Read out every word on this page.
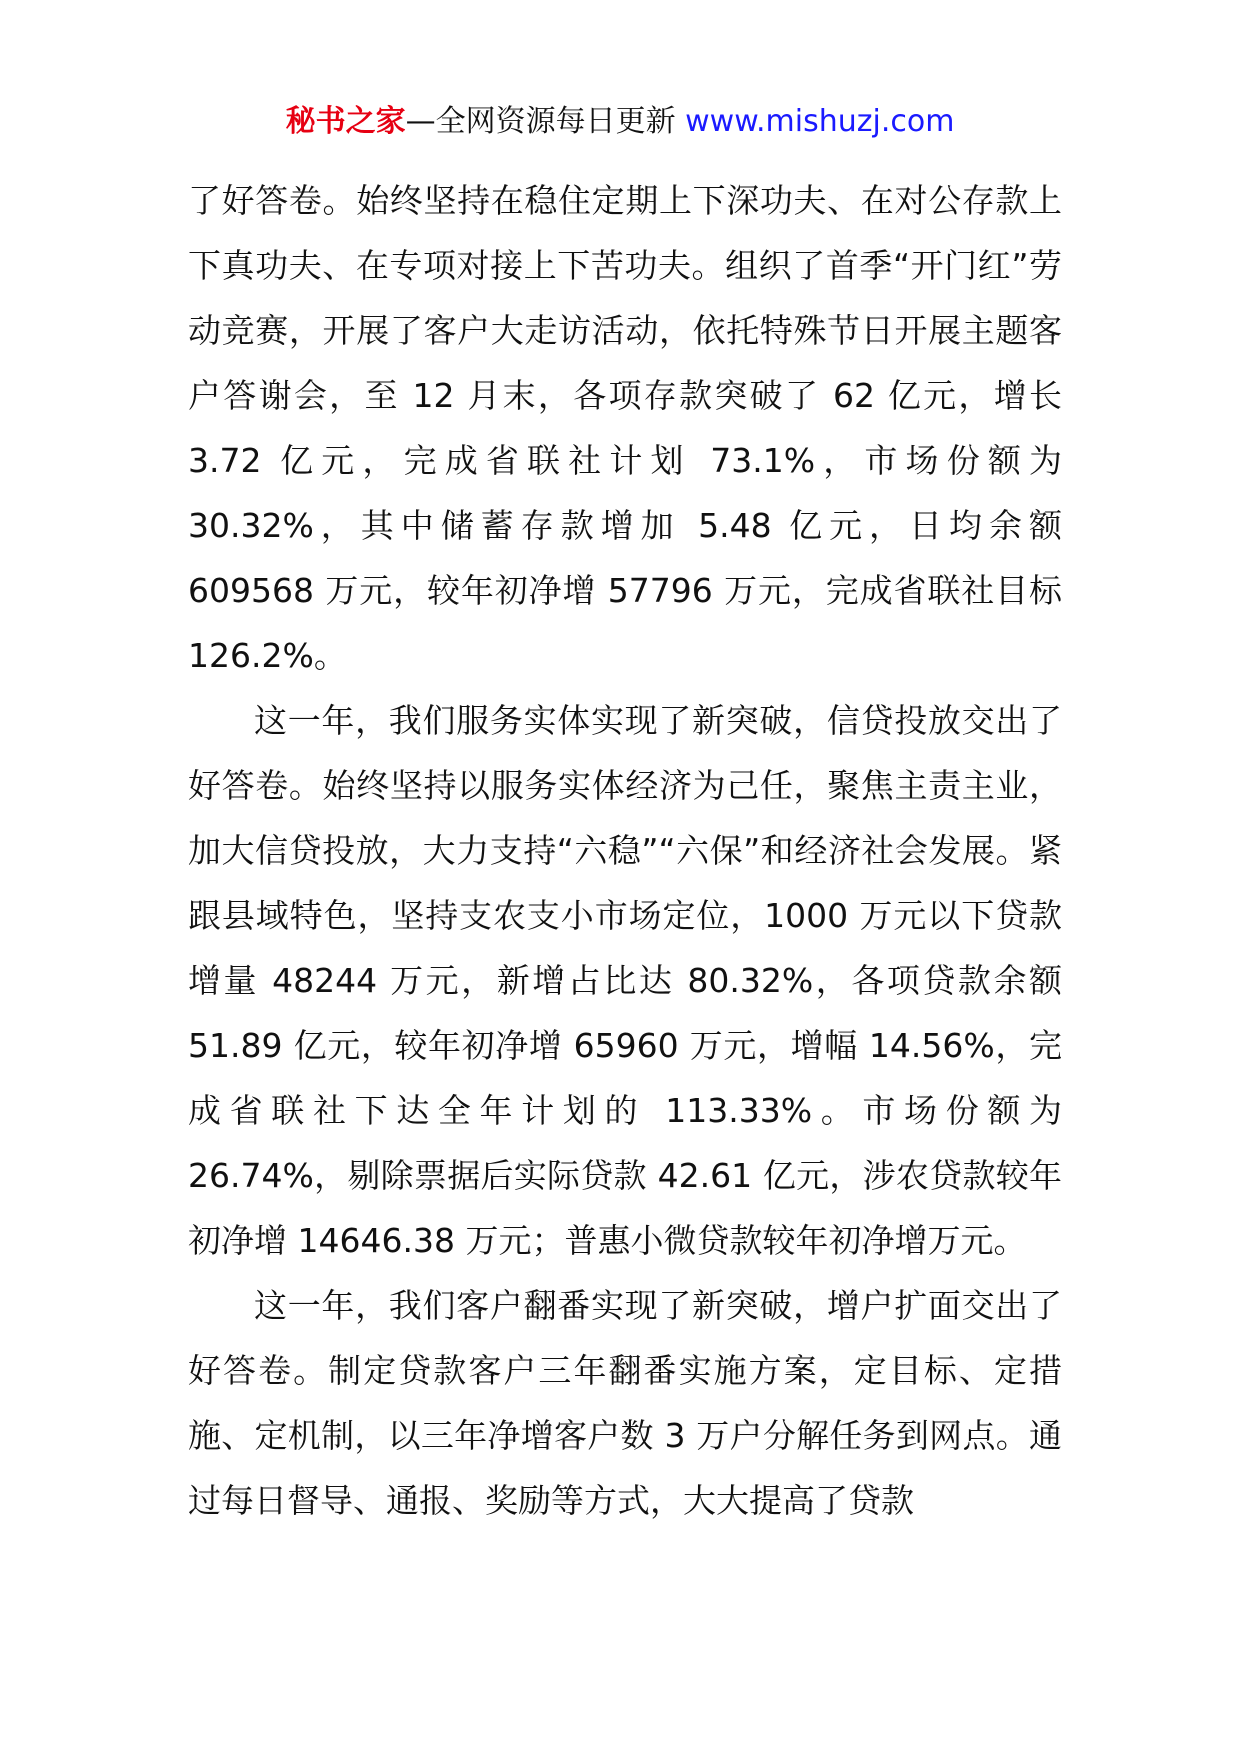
秘书之家—全网资源每日更新 www.mishuzj.com

了好答卷。始终坚持在稳住定期上下深功夫、在对公存款上下真功夫、在专项对接上下苦功夫。组织了首季“开门红”劳动竞赛，开展了客户大走访活动，依托特殊节日开展主题客户答谢会，至 12 月末，各项存款突破了 62 亿元，增长 3.72 亿元，完成省联社计划 73.1%，市场份额为 30.32%，其中储蓄存款增加 5.48 亿元，日均余额 609568 万元，较年初净增 57796 万元，完成省联社目标 126.2%。

这一年，我们服务实体实现了新突破，信贷投放交出了好答卷。始终坚持以服务实体经济为己任，聚焦主责主业，加大信贷投放，大力支持“六稳”“六保”和经济社会发展。紧跟县域特色，坚持支农支小市场定位，1000 万元以下贷款增量 48244 万元，新增占比达 80.32%，各项贷款余额 51.89 亿元，较年初净增 65960 万元，增幅 14.56%，完成省联社下达全年计划的 113.33%。市场份额为 26.74%，剔除票据后实际贷款 42.61 亿元，涉农贷款较年初净增 14646.38 万元；普惠小微贷款较年初净增万元。

这一年，我们客户翻番实现了新突破，增户扩面交出了好答卷。制定贷款客户三年翻番实施方案，定目标、定措施、定机制，以三年净增客户数 3 万户分解任务到网点。通过每日督导、通报、奖励等方式，大大提高了贷款
